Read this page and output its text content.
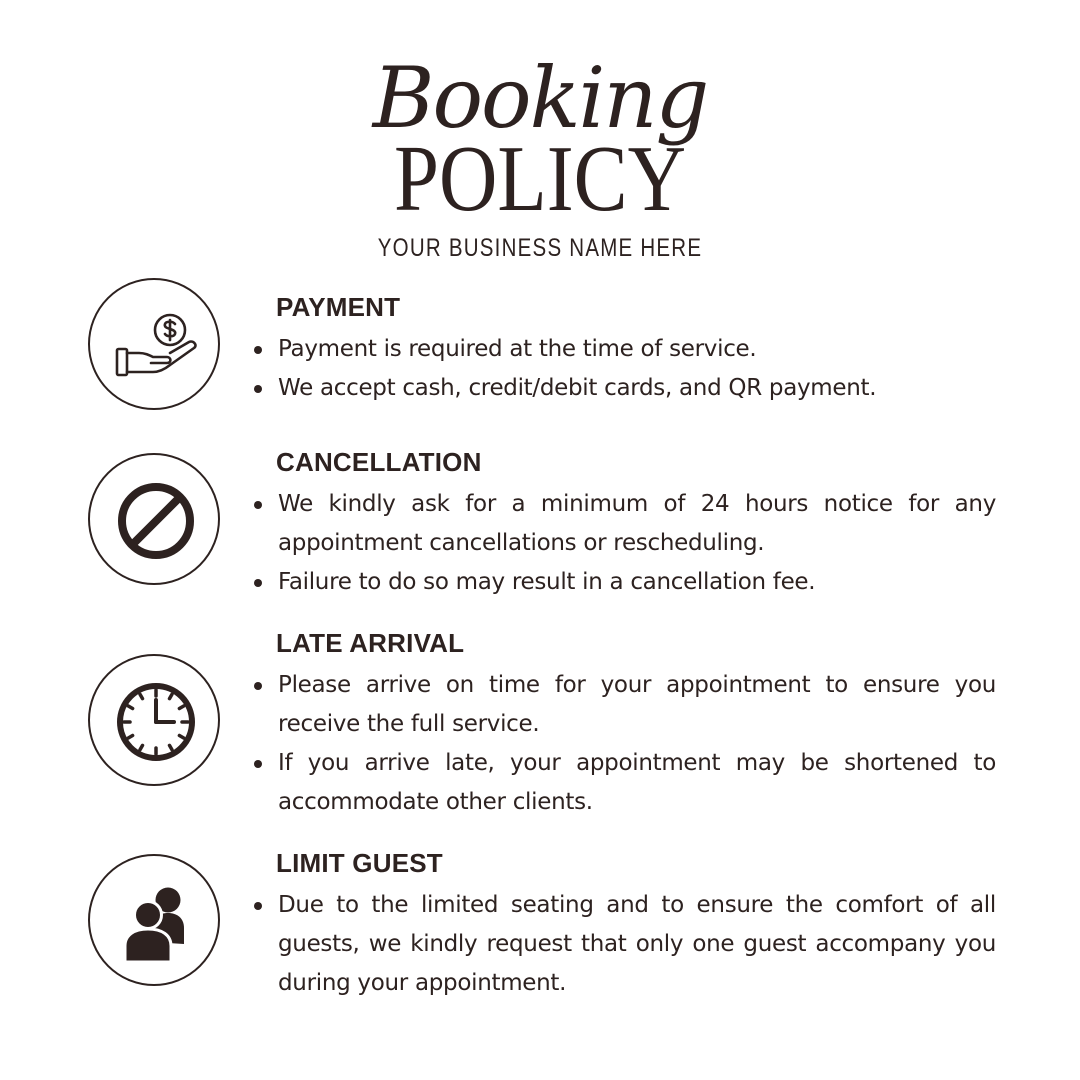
Booking
POLICY
YOUR BUSINESS NAME HERE
PAYMENT
Payment is required at the time of service.
We accept cash, credit/debit cards, and QR payment.
CANCELLATION
We kindly ask for a minimum of 24 hours notice for any appointment cancellations or rescheduling.
Failure to do so may result in a cancellation fee.
LATE ARRIVAL
Please arrive on time for your appointment to ensure you receive the full service.
If you arrive late, your appointment may be shortened to accommodate other clients.
LIMIT GUEST
Due to the limited seating and to ensure the comfort of all guests, we kindly request that only one guest accompany you during your appointment.
